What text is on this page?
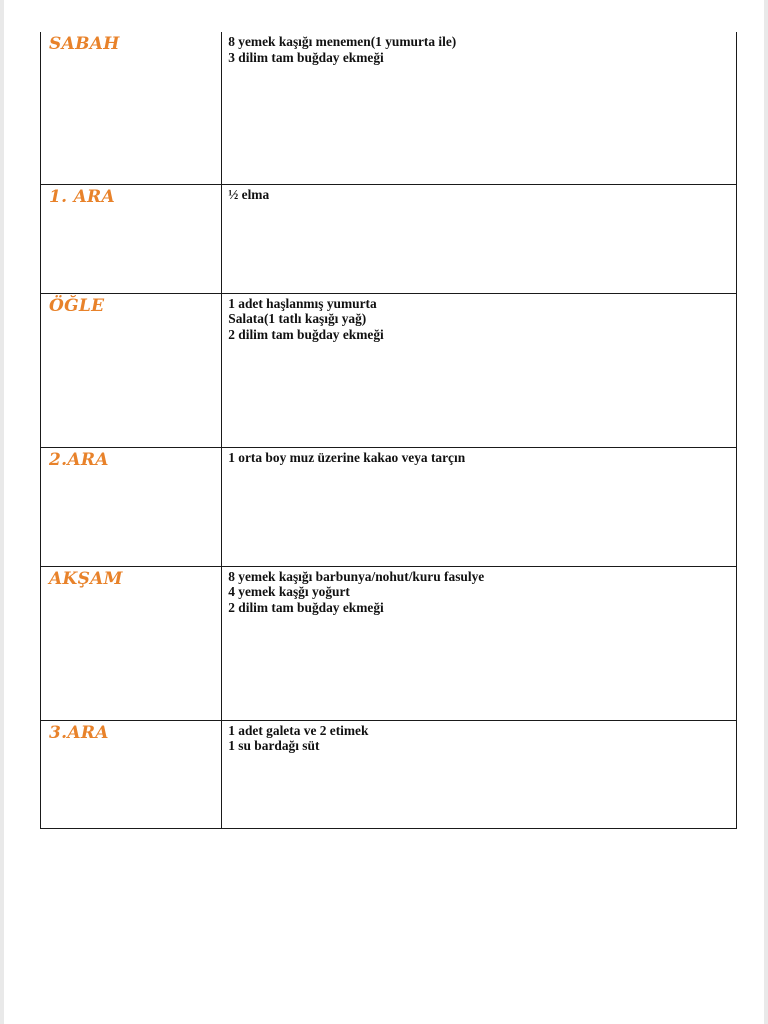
SABAH	8 yemek kaşığı menemen(1 yumurta ile)
3 dilim tam buğday ekmeği

1. ARA	½ elma

ÖĞLE	1 adet haşlanmış yumurta
Salata(1 tatlı kaşığı yağ)
2 dilim tam buğday ekmeği

2.ARA	1 orta boy muz üzerine kakao veya tarçın

AKŞAM	8 yemek kaşığı barbunya/nohut/kuru fasulye
4 yemek kaşğı yoğurt
2 dilim tam buğday ekmeği

3.ARA	1 adet galeta ve 2 etimek
1 su bardağı süt
